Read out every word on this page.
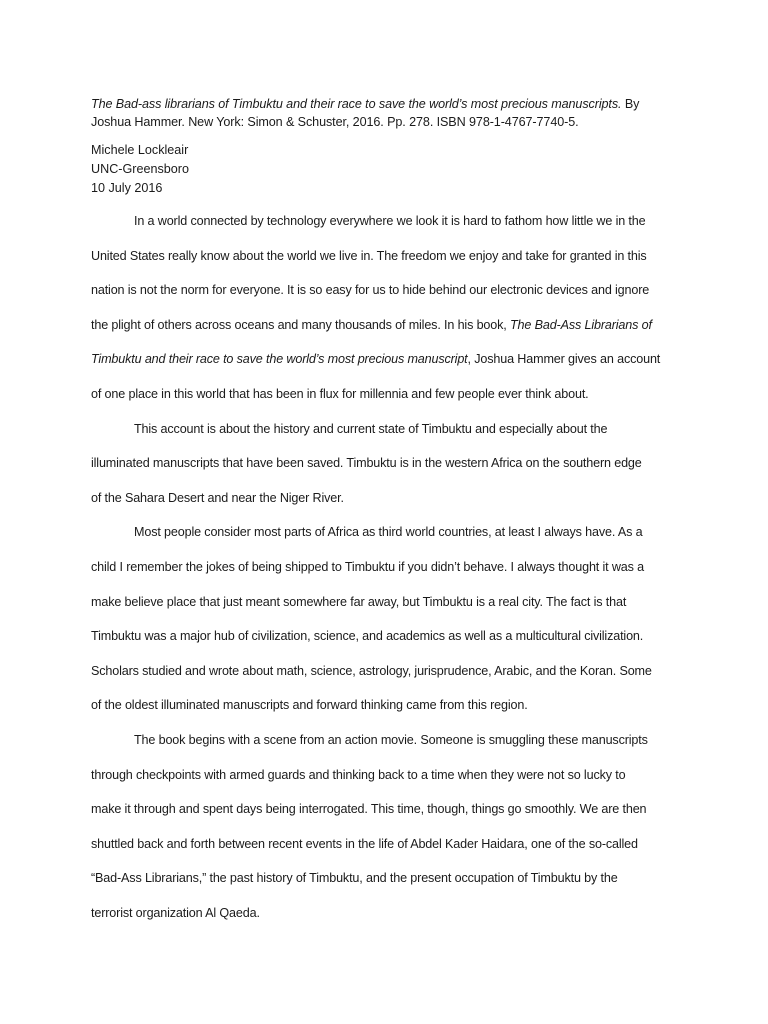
The Bad-ass librarians of Timbuktu and their race to save the world’s most precious manuscripts. By
Joshua Hammer. New York: Simon & Schuster, 2016. Pp. 278. ISBN 978-1-4767-7740-5.
Michele Lockleair
UNC-Greensboro
10 July 2016
In a world connected by technology everywhere we look it is hard to fathom how little we in the
United States really know about the world we live in. The freedom we enjoy and take for granted in this
nation is not the norm for everyone. It is so easy for us to hide behind our electronic devices and ignore
the plight of others across oceans and many thousands of miles. In his book, The Bad-Ass Librarians of
Timbuktu and their race to save the world’s most precious manuscript, Joshua Hammer gives an account
of one place in this world that has been in flux for millennia and few people ever think about.
This account is about the history and current state of Timbuktu and especially about the
illuminated manuscripts that have been saved. Timbuktu is in the western Africa on the southern edge
of the Sahara Desert and near the Niger River.
Most people consider most parts of Africa as third world countries, at least I always have. As a
child I remember the jokes of being shipped to Timbuktu if you didn’t behave. I always thought it was a
make believe place that just meant somewhere far away, but Timbuktu is a real city. The fact is that
Timbuktu was a major hub of civilization, science, and academics as well as a multicultural civilization.
Scholars studied and wrote about math, science, astrology, jurisprudence, Arabic, and the Koran. Some
of the oldest illuminated manuscripts and forward thinking came from this region.
The book begins with a scene from an action movie. Someone is smuggling these manuscripts
through checkpoints with armed guards and thinking back to a time when they were not so lucky to
make it through and spent days being interrogated. This time, though, things go smoothly. We are then
shuttled back and forth between recent events in the life of Abdel Kader Haidara, one of the so-called
“Bad-Ass Librarians,” the past history of Timbuktu, and the present occupation of Timbuktu by the
terrorist organization Al Qaeda.
